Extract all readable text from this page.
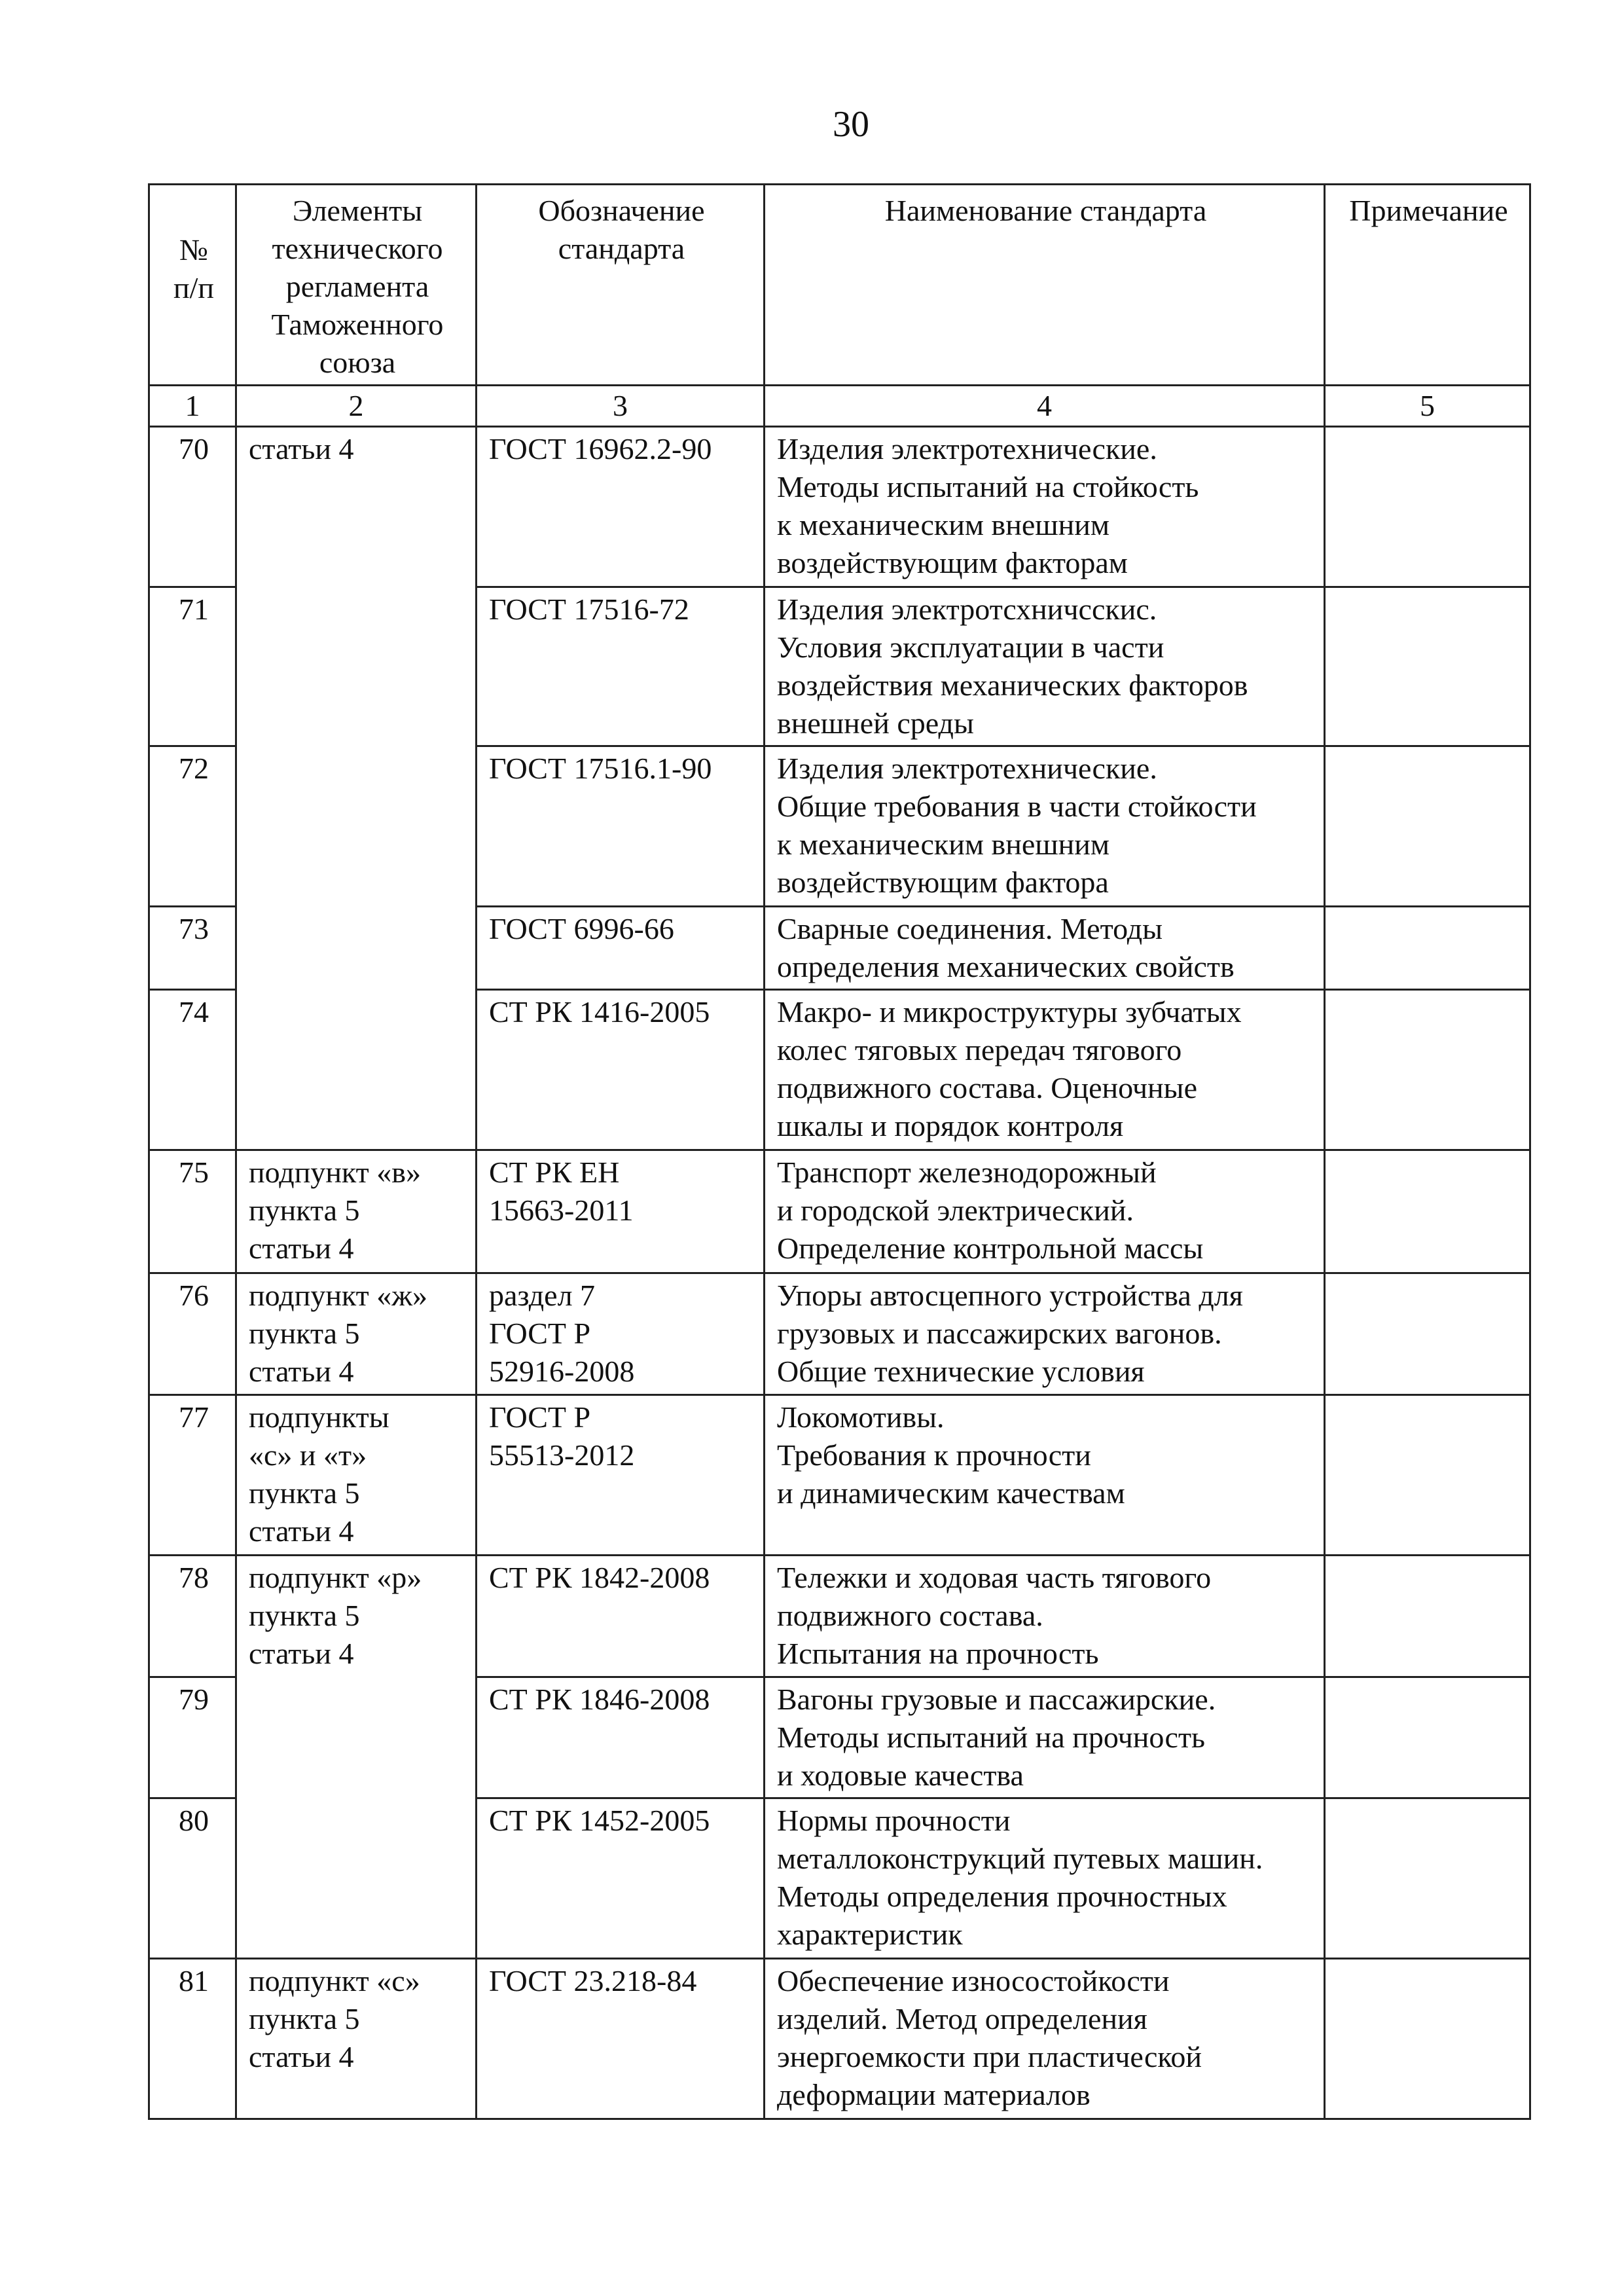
30
№
п/п	Элементы
технического
регламента
Таможенного
союза	Обозначение
стандарта	Наименование стандарта	Примечание
1	2	3	4	5
70	статьи 4	ГОСТ 16962.2-90	Изделия электротехнические.
Методы испытаний на стойкость
к механическим внешним
воздействующим факторам	
71		ГОСТ 17516-72	Изделия электротсхничсскис.
Условия эксплуатации в части
воздействия механических факторов
внешней среды	
72		ГОСТ 17516.1-90	Изделия электротехнические.
Общие требования в части стойкости
к механическим внешним
воздействующим фактора	
73		ГОСТ 6996-66	Сварные соединения. Методы
определения механических свойств	
74		СТ РК 1416-2005	Макро- и микроструктуры зубчатых
колес тяговых передач тягового
подвижного состава. Оценочные
шкалы и порядок контроля	
75	подпункт «в»
пункта 5
статьи 4	СТ РК ЕН
15663-2011	Транспорт железнодорожный
и городской электрический.
Определение контрольной массы	
76	подпункт «ж»
пункта 5
статьи 4	раздел 7
ГОСТ Р
52916-2008	Упоры автосцепного устройства для
грузовых и пассажирских вагонов.
Общие технические условия	
77	подпункты
«с» и «т»
пункта 5
статьи 4	ГОСТ Р
55513-2012	Локомотивы.
Требования к прочности
и динамическим качествам	
78	подпункт «р»
пункта 5
статьи 4	СТ РК 1842-2008	Тележки и ходовая часть тягового
подвижного состава.
Испытания на прочность	
79		СТ РК 1846-2008	Вагоны грузовые и пассажирские.
Методы испытаний на прочность
и ходовые качества	
80		СТ РК 1452-2005	Нормы прочности
металлоконструкций путевых машин.
Методы определения прочностных
характеристик	
81	подпункт «с»
пункта 5
статьи 4	ГОСТ 23.218-84	Обеспечение износостойкости
изделий. Метод определения
энергоемкости при пластической
деформации материалов	
